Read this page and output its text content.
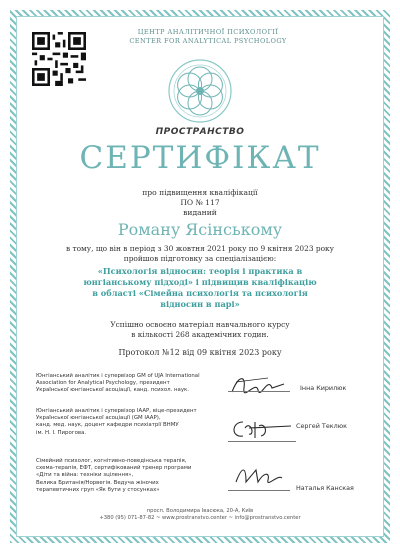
ЦЕНТР АНАЛІТИЧНОЇ ПСИХОЛОГІЇ
CENTER FOR ANALYTICAL PSYCHOLOGY
ПРОСТРАНСТВО
СЕРТИФІКАТ
про підвищення кваліфікації
ПО № 117
виданий
Роману Ясінському
в тому, що він в період з 30 жовтня 2021 року по 9 квітня 2023 року
пройшов підготовку за спеціалізацією:
«Психологія відносин: теорія і практика в
юнгіанському підході» і підвищив кваліфікацію
в області «Сімейна психологія та психологія
відносин в парі»
Успішно освоєно матеріал навчального курсу
в кількості 268 академічних годин.
Протокол №12 від 09 квітня 2023 року
Юнгіанський аналітик і супервізор GM of UJA International
Association for Analytical Psychology, президент
Української юнгіанської асоціації, канд. психол. наук.	Інна Кирилюк
Юнгіанський аналітик і супервізор IAAP, віце-президент
Української юнгіанської асоціації (GM IAAP),
канд. мед. наук, доцент кафедри психіатрії ВНМУ
ім. Н. І. Пирогова.
Сергей Теклюк
Сімейний психолог, когнітивно-поведінська терапія,
схема-терапія, ЕФТ, сертифікований тренер програми
«Діти та війна: техніки зцілення»,
Велика Британія/Норвегія. Ведуча жіночих
терапевтичних груп «Як бути у стосунках»	Наталья Канская
просп. Володимира Івасюка, 20-А, Київ
+380 (95) 071-87-82 ~ www.prostranstvo.center ~ info@prostranstvo.center
